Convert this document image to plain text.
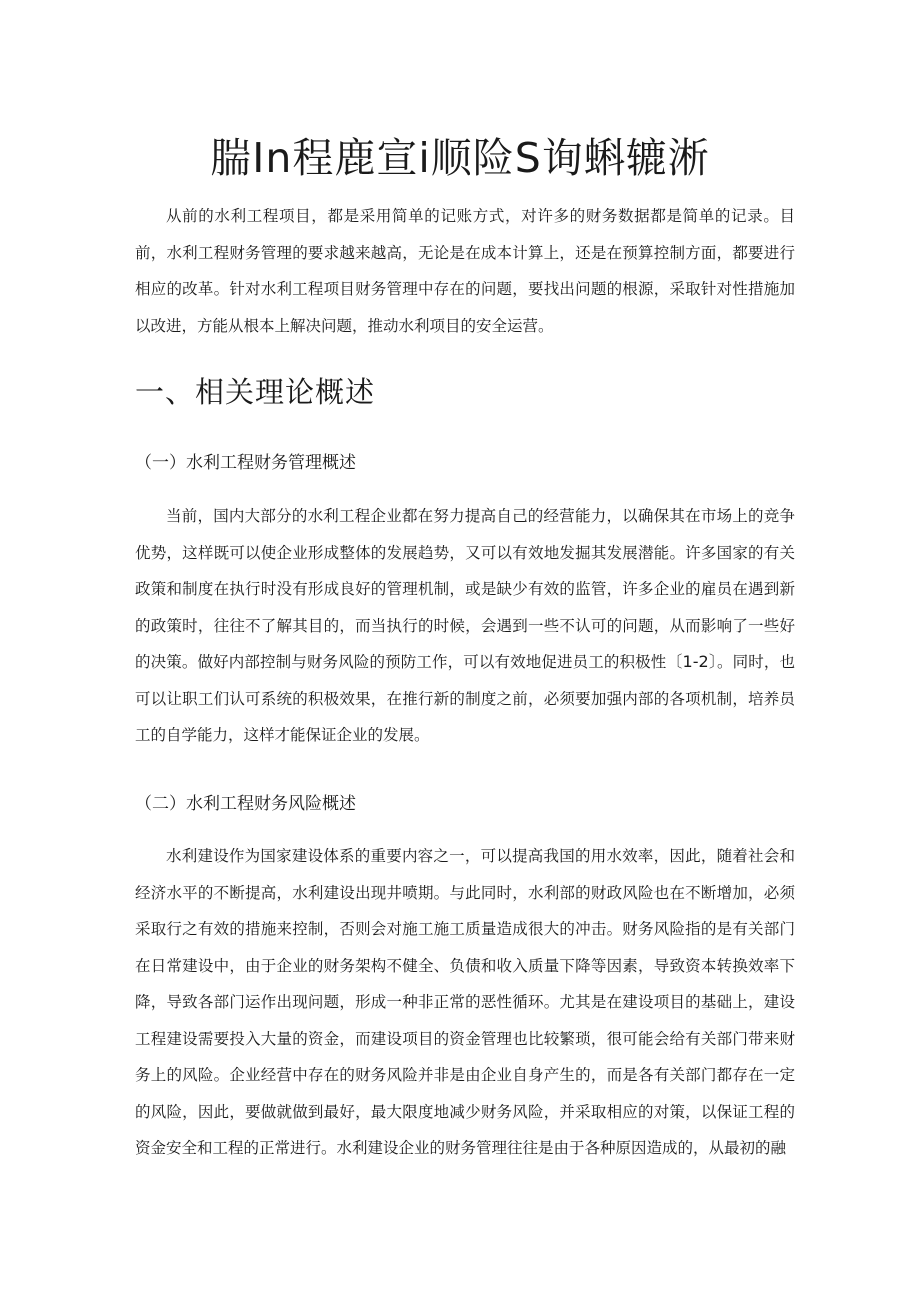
腨In程鹿宣i顺险S询蝌辘淅

从前的水利工程项目，都是采用简单的记账方式，对许多的财务数据都是简单的记录。目前，水利工程财务管理的要求越来越高，无论是在成本计算上，还是在预算控制方面，都要进行相应的改革。针对水利工程项目财务管理中存在的问题，要找出问题的根源，采取针对性措施加以改进，方能从根本上解决问题，推动水利项目的安全运营。

一、相关理论概述
（一）水利工程财务管理概述

当前，国内大部分的水利工程企业都在努力提高自己的经营能力，以确保其在市场上的竞争优势，这样既可以使企业形成整体的发展趋势，又可以有效地发掘其发展潜能。许多国家的有关政策和制度在执行时没有形成良好的管理机制，或是缺少有效的监管，许多企业的雇员在遇到新的政策时，往往不了解其目的，而当执行的时候，会遇到一些不认可的问题，从而影响了一些好的决策。做好内部控制与财务风险的预防工作，可以有效地促进员工的积极性〔1-2〕。同时，也可以让职工们认可系统的积极效果，在推行新的制度之前，必须要加强内部的各项机制，培养员工的自学能力，这样才能保证企业的发展。

（二）水利工程财务风险概述

水利建设作为国家建设体系的重要内容之一，可以提高我国的用水效率，因此，随着社会和经济水平的不断提高，水利建设出现井喷期。与此同时，水利部的财政风险也在不断增加，必须采取行之有效的措施来控制，否则会对施工施工质量造成很大的冲击。财务风险指的是有关部门在日常建设中，由于企业的财务架构不健全、负债和收入质量下降等因素，导致资本转换效率下降，导致各部门运作出现问题，形成一种非正常的恶性循环。尤其是在建设项目的基础上，建设工程建设需要投入大量的资金，而建设项目的资金管理也比较繁琐，很可能会给有关部门带来财务上的风险。企业经营中存在的财务风险并非是由企业自身产生的，而是各有关部门都存在一定的风险，因此，要做就做到最好，最大限度地减少财务风险，并采取相应的对策，以保证工程的资金安全和工程的正常进行。水利建设企业的财务管理往往是由于各种原因造成的，从最初的融
